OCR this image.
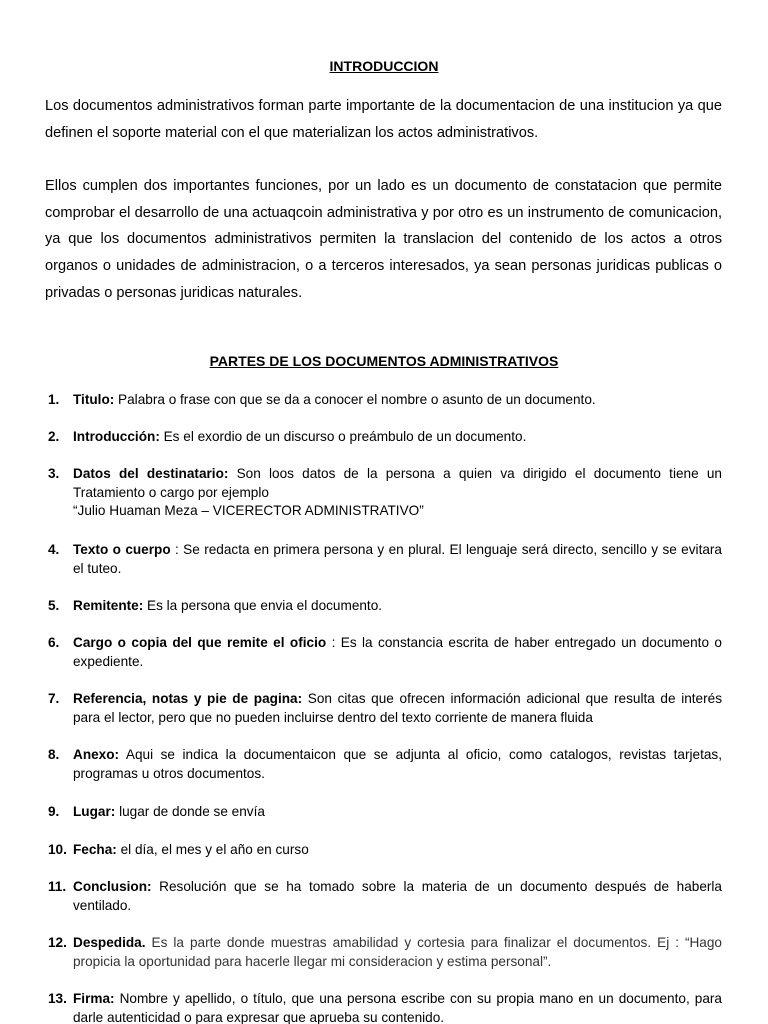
INTRODUCCION
Los documentos administrativos forman parte importante de la documentacion de una institucion ya que definen el soporte material con el que materializan los actos administrativos.
Ellos cumplen dos importantes funciones, por un lado es un documento de constatacion que permite comprobar el desarrollo de una actuaqcoin administrativa y por otro es un instrumento de comunicacion, ya que los documentos administrativos permiten la translacion del contenido de los actos a otros organos o unidades de administracion, o a terceros interesados, ya sean personas juridicas publicas o privadas o personas juridicas naturales.
PARTES DE LOS DOCUMENTOS ADMINISTRATIVOS
1. Titulo: Palabra o frase con que se da a conocer el nombre o asunto de un documento.
2. Introducción: Es el exordio de un discurso o preámbulo de un documento.
3. Datos del destinatario: Son loos datos de la persona a quien va dirigido el documento tiene un Tratamiento o cargo por ejemplo
“Julio Huaman Meza – VICERECTOR ADMINISTRATIVO”
4. Texto o cuerpo : Se redacta en primera persona y en plural. El lenguaje será directo, sencillo y se evitara el tuteo.
5. Remitente: Es la persona que envia el documento.
6. Cargo o copia del que remite el oficio : Es la constancia escrita de haber entregado un documento o expediente.
7. Referencia, notas y pie de pagina: Son citas que ofrecen información adicional que resulta de interés para el lector, pero que no pueden incluirse dentro del texto corriente de manera fluida
8. Anexo: Aqui se indica la documentaicon que se adjunta al oficio, como catalogos, revistas tarjetas, programas u otros documentos.
9. Lugar: lugar de donde se envía
10. Fecha: el día, el mes y el año en curso
11. Conclusion: Resolución que se ha tomado sobre la materia de un documento después de haberla ventilado.
12. Despedida. Es la parte donde muestras amabilidad y cortesia para finalizar el documentos. Ej : “Hago propicia la oportunidad para hacerle llegar mi consideracion y estima personal”.
13. Firma: Nombre y apellido, o título, que una persona escribe con su propia mano en un documento, para darle autenticidad o para expresar que aprueba su contenido.
